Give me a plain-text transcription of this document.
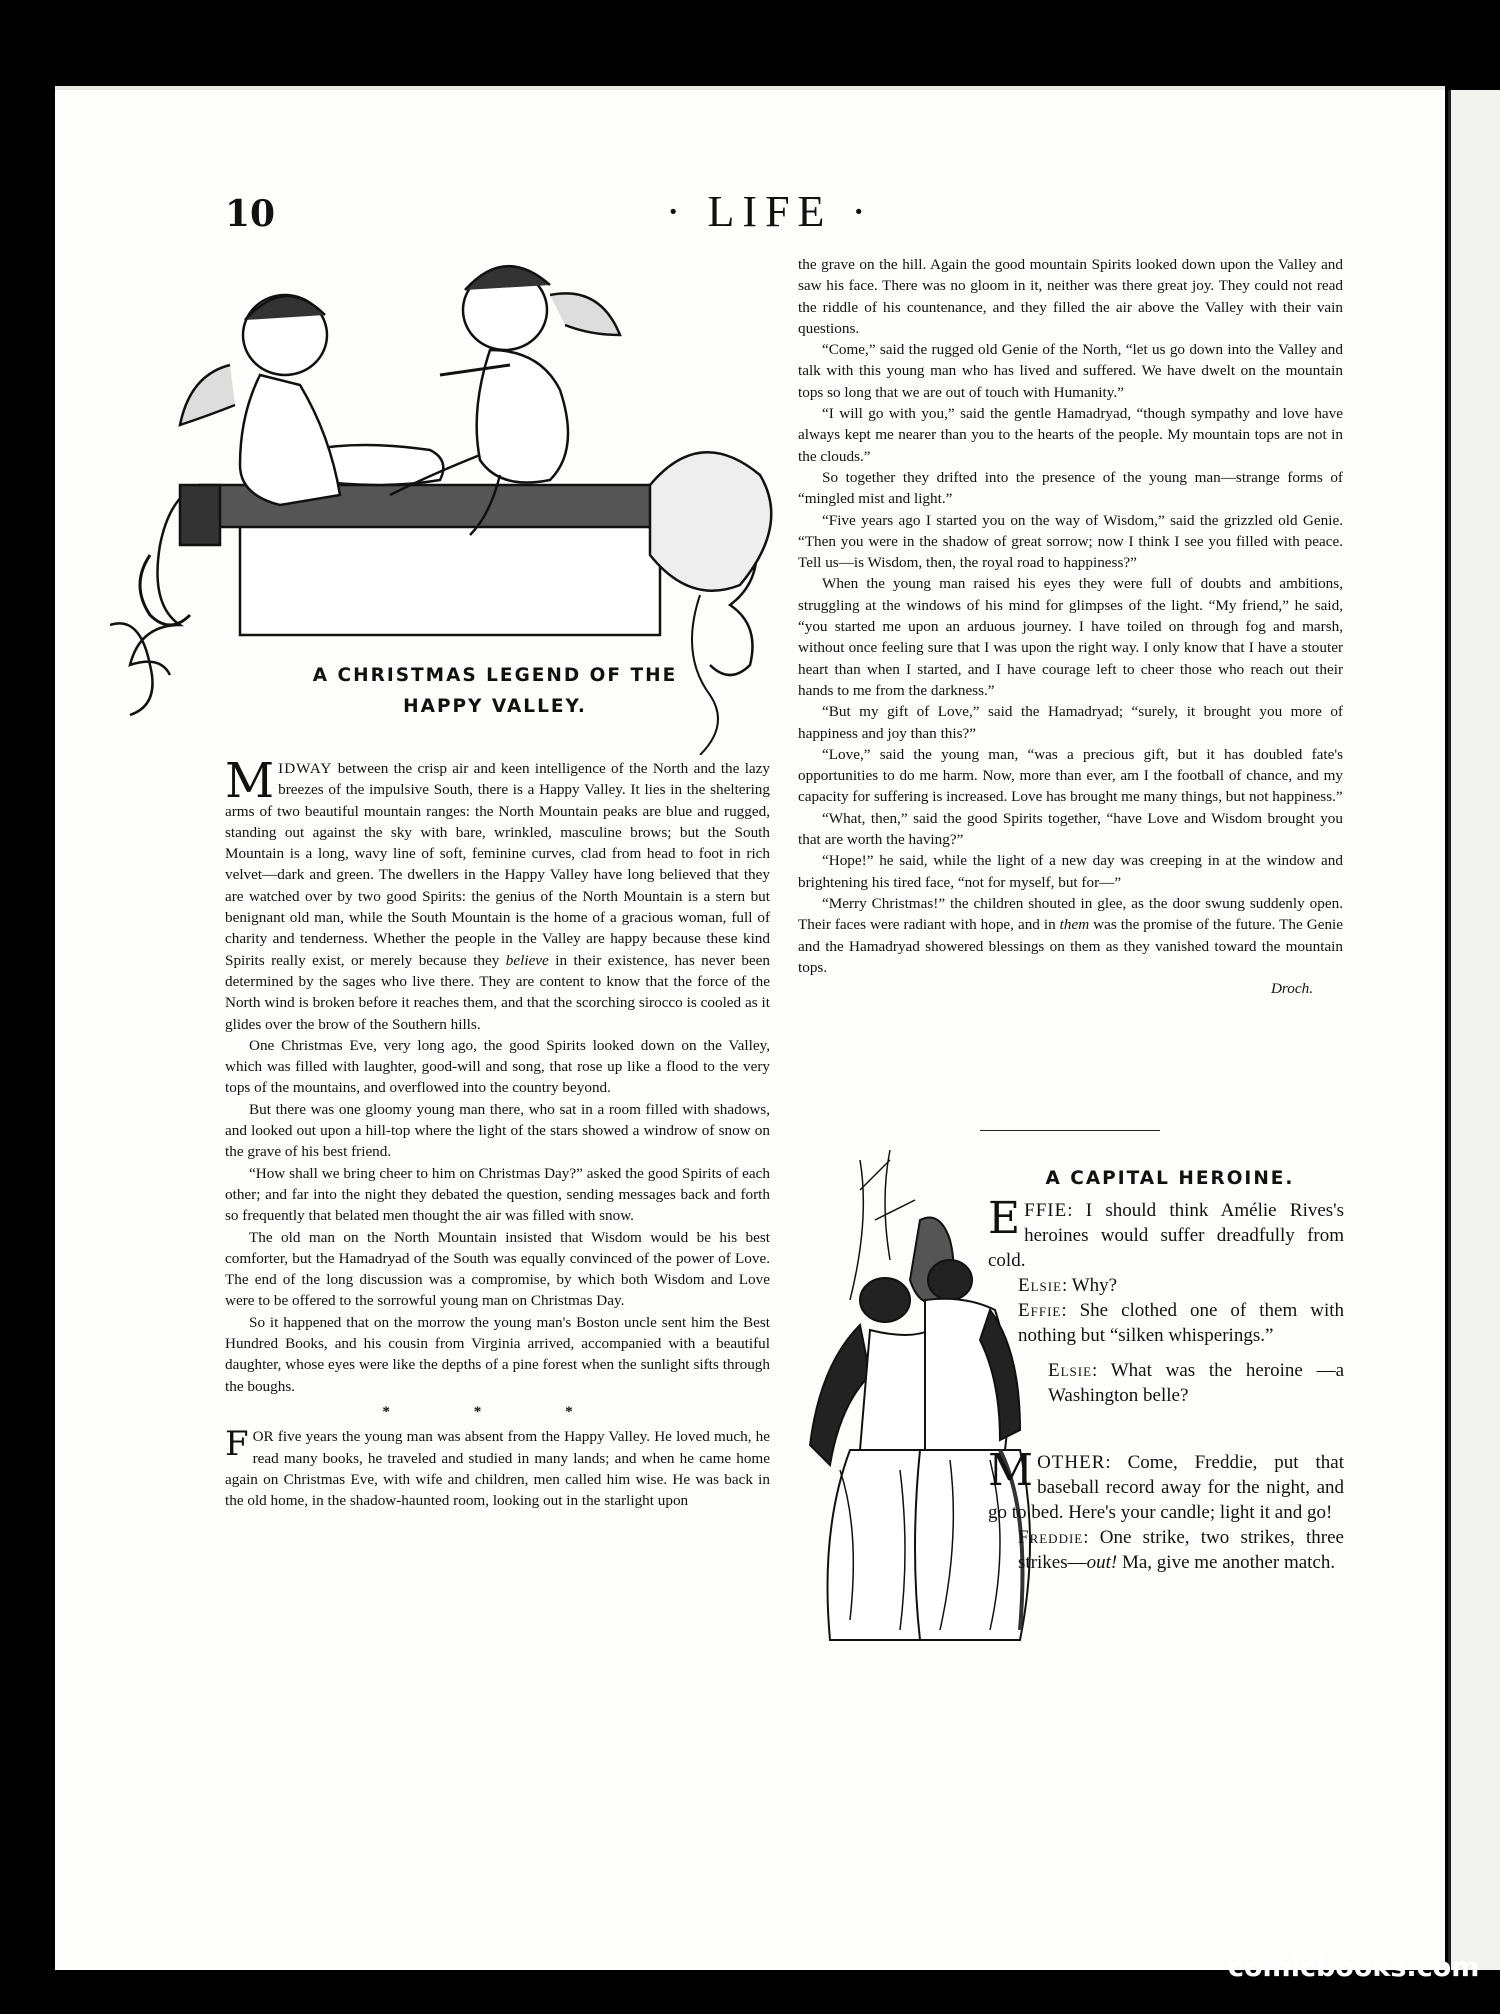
10	· LIFE ·
A CHRISTMAS LEGEND OF THE
HAPPY VALLEY.

MIDWAY between the crisp air and keen intelligence of the North and the lazy breezes of the impulsive South, there is a Happy Valley. It lies in the sheltering arms of two beautiful mountain ranges: the North Mountain peaks are blue and rugged, standing out against the sky with bare, wrinkled, masculine brows; but the South Mountain is a long, wavy line of soft, feminine curves, clad from head to foot in rich velvet—dark and green. The dwellers in the Happy Valley have long believed that they are watched over by two good Spirits: the genius of the North Mountain is a stern but benignant old man, while the South Mountain is the home of a gracious woman, full of charity and tenderness. Whether the people in the Valley are happy because these kind Spirits really exist, or merely because they believe in their existence, has never been determined by the sages who live there. They are content to know that the force of the North wind is broken before it reaches them, and that the scorching sirocco is cooled as it glides over the brow of the Southern hills.

One Christmas Eve, very long ago, the good Spirits looked down on the Valley, which was filled with laughter, good-will and song, that rose up like a flood to the very tops of the mountains, and overflowed into the country beyond.

But there was one gloomy young man there, who sat in a room filled with shadows, and looked out upon a hill-top where the light of the stars showed a windrow of snow on the grave of his best friend.

“How shall we bring cheer to him on Christmas Day?” asked the good Spirits of each other; and far into the night they debated the question, sending messages back and forth so frequently that belated men thought the air was filled with snow.

The old man on the North Mountain insisted that Wisdom would be his best comforter, but the Hamadryad of the South was equally convinced of the power of Love. The end of the long discussion was a compromise, by which both Wisdom and Love were to be offered to the sorrowful young man on Christmas Day.

So it happened that on the morrow the young man's Boston uncle sent him the Best Hundred Books, and his cousin from Virginia arrived, accompanied with a beautiful daughter, whose eyes were like the depths of a pine forest when the sunlight sifts through the boughs.

* * *

FOR five years the young man was absent from the Happy Valley. He loved much, he read many books, he traveled and studied in many lands; and when he came home again on Christmas Eve, with wife and children, men called him wise. He was back in the old home, in the shadow-haunted room, looking out in the starlight upon

the grave on the hill. Again the good mountain Spirits looked down upon the Valley and saw his face. There was no gloom in it, neither was there great joy. They could not read the riddle of his countenance, and they filled the air above the Valley with their vain questions.

“Come,” said the rugged old Genie of the North, “let us go down into the Valley and talk with this young man who has lived and suffered. We have dwelt on the mountain tops so long that we are out of touch with Humanity.”

“I will go with you,” said the gentle Hamadryad, “though sympathy and love have always kept me nearer than you to the hearts of the people. My mountain tops are not in the clouds.”

So together they drifted into the presence of the young man—strange forms of “mingled mist and light.”

“Five years ago I started you on the way of Wisdom,” said the grizzled old Genie. “Then you were in the shadow of great sorrow; now I think I see you filled with peace. Tell us—is Wisdom, then, the royal road to happiness?”

When the young man raised his eyes they were full of doubts and ambitions, struggling at the windows of his mind for glimpses of the light. “My friend,” he said, “you started me upon an arduous journey. I have toiled on through fog and marsh, without once feeling sure that I was upon the right way. I only know that I have a stouter heart than when I started, and I have courage left to cheer those who reach out their hands to me from the darkness.”

“But my gift of Love,” said the Hamadryad; “surely, it brought you more of happiness and joy than this?”

“Love,” said the young man, “was a precious gift, but it has doubled fate's opportunities to do me harm. Now, more than ever, am I the football of chance, and my capacity for suffering is increased. Love has brought me many things, but not happiness.”

“What, then,” said the good Spirits together, “have Love and Wisdom brought you that are worth the having?”

“Hope!” he said, while the light of a new day was creeping in at the window and brightening his tired face, “not for myself, but for—”

“Merry Christmas!” the children shouted in glee, as the door swung suddenly open. Their faces were radiant with hope, and in them was the promise of the future. The Genie and the Hamadryad showered blessings on them as they vanished toward the mountain tops.

Droch.
A CAPITAL HEROINE.

EFFIE: I should think Amélie Rives's heroines would suffer dreadfully from cold.

Elsie: Why?

Effie: She clothed one of them with nothing but “silken whisperings.”

Elsie: What was the heroine —a Washington belle?

MOTHER: Come, Freddie, put that baseball record away for the night, and go to bed. Here's your candle; light it and go!

Freddie: One strike, two strikes, three strikes—out! Ma, give me another match.

comicbooks.com
